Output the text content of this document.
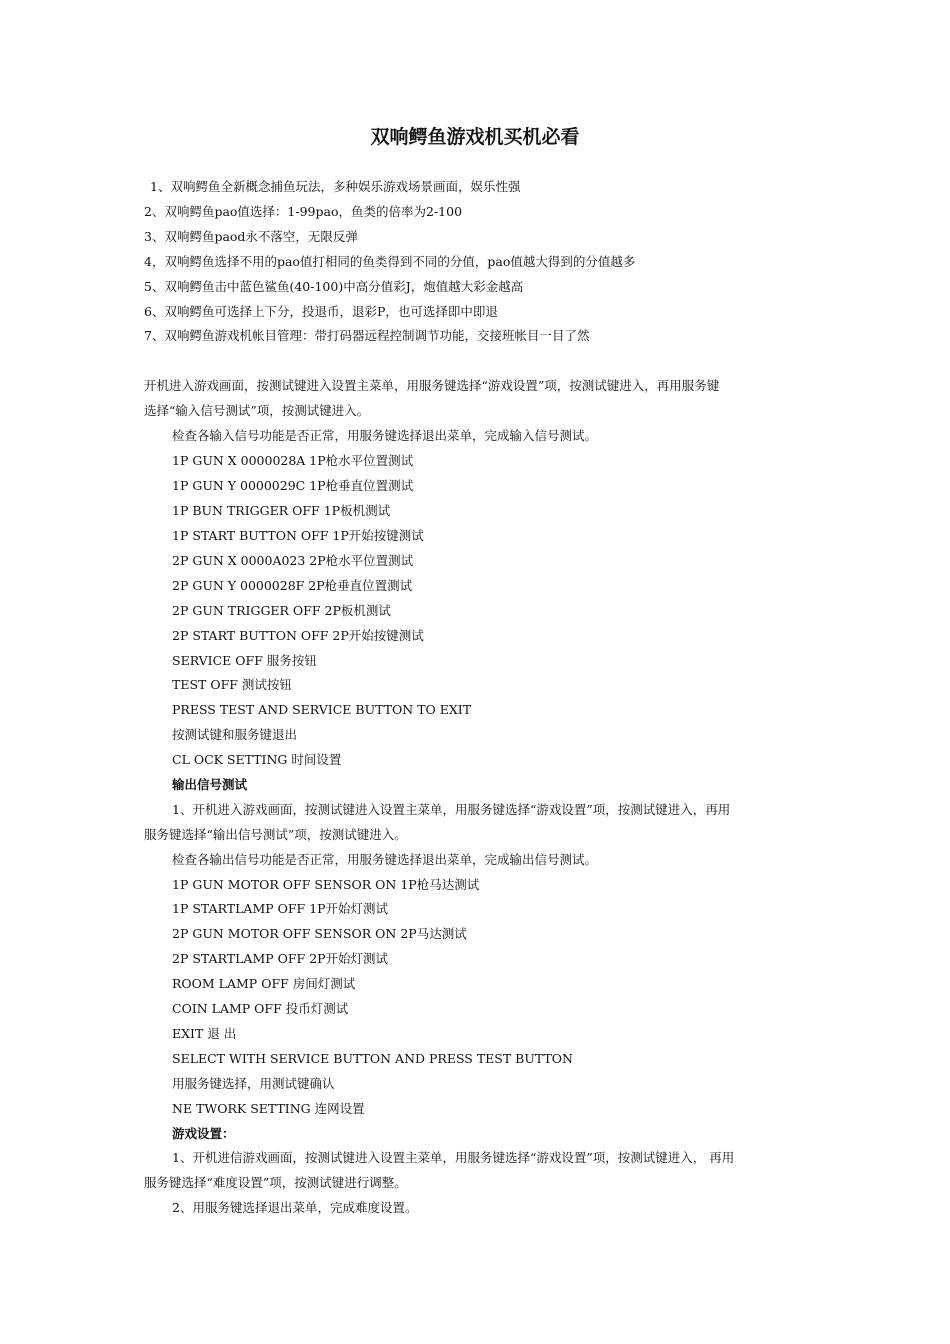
双响鳄鱼游戏机买机必看
1、双响鳄鱼全新概念捕鱼玩法，多种娱乐游戏场景画面，娱乐性强
2、双响鳄鱼pao值选择：1-99pao，鱼类的倍率为2-100
3、双响鳄鱼paod永不落空，无限反弹
4，双响鳄鱼选择不用的pao值打相同的鱼类得到不同的分值，pao值越大得到的分值越多
5、双响鳄鱼击中蓝色鲨鱼(40-100)中高分值彩J，炮值越大彩金越高
6、双响鳄鱼可选择上下分，投退币，退彩P，也可选择即中即退
7、双响鳄鱼游戏机帐目管理：带打码器远程控制调节功能，交接班帐目一目了然
开机进入游戏画面，按测试键进入设置主菜单，用服务键选择“游戏设置”项，按测试键进入，再用服务键
选择“输入信号测试”项，按测试键进入。
检查各输入信号功能是否正常，用服务键选择退出菜单，完成输入信号测试。
1P GUN X 0000028A 1P枪水平位置测试
1P GUN Y 0000029C 1P枪垂直位置测试
1P BUN TRIGGER OFF 1P板机测试
1P START BUTTON OFF 1P开始按键测试
2P GUN X 0000A023 2P枪水平位置测试
2P GUN Y 0000028F 2P枪垂直位置测试
2P GUN TRIGGER OFF 2P板机测试
2P START BUTTON OFF 2P开始按键测试
SERVICE OFF 服务按钮
TEST OFF 测试按钮
PRESS TEST AND SERVICE BUTTON TO EXIT
按测试键和服务键退出
CL OCK SETTING 时间设置
输出信号测试
1、开机进入游戏画面，按测试键进入设置主菜单，用服务键选择“游戏设置”项，按测试键进入，再用
服务键选择“输出信号测试”项，按测试键进入。
检查各输出信号功能是否正常，用服务键选择退出菜单，完成输出信号测试。
1P GUN MOTOR OFF SENSOR ON 1P枪马达测试
1P STARTLAMP OFF 1P开始灯测试
2P GUN MOTOR OFF SENSOR ON 2P马达测试
2P STARTLAMP OFF 2P开始灯测试
ROOM LAMP OFF 房间灯测试
COIN LAMP OFF 投币灯测试
EXIT 退 出
SELECT WITH SERVICE BUTTON AND PRESS TEST BUTTON
用服务键选择，用测试键确认
NE TWORK SETTING 连网设置
游戏设置：
1、开机进信游戏画面，按测试键进入设置主菜单，用服务键选择“游戏设置”项，按测试键进入， 再用
服务键选择“难度设置”项，按测试键进行调整。
2、用服务键选择退出菜单，完成难度设置。
